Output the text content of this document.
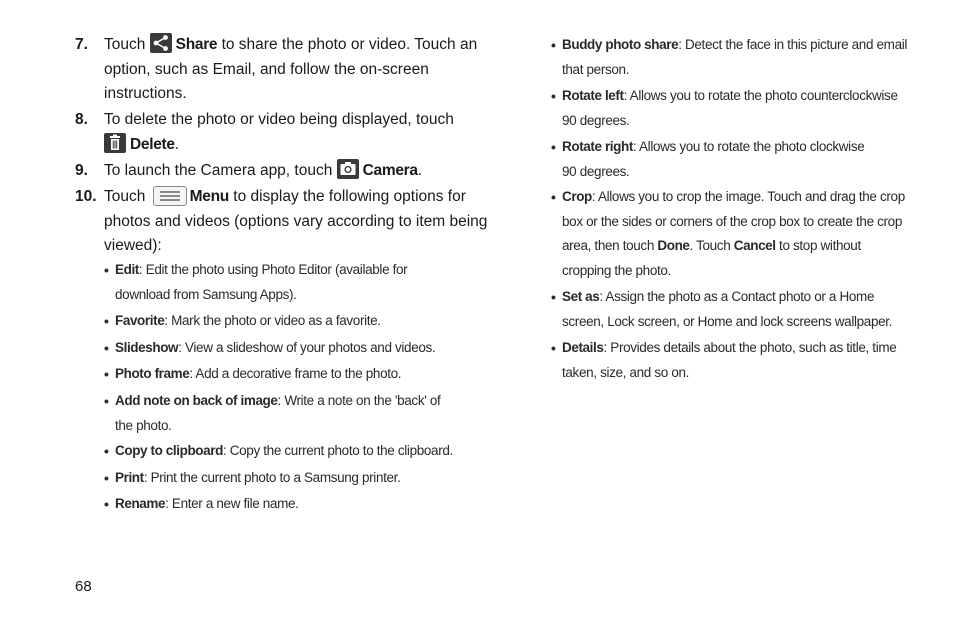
7.	Touch Share to share the photo or video. Touch an option, such as Email, and follow the on-screen instructions.
8.	To delete the photo or video being displayed, touch
Delete.
9.	To launch the Camera app, touch Camera.
10. Touch	Menu to display the following options for photos and videos (options vary according to item being viewed):
• Edit: Edit the photo using Photo Editor (available for download from Samsung Apps).
• Favorite: Mark the photo or video as a favorite.
• Slideshow: View a slideshow of your photos and videos.
• Photo frame: Add a decorative frame to the photo.
• Add note on back of image: Write a note on the 'back' of the photo.
• Copy to clipboard: Copy the current photo to the clipboard.
• Print: Print the current photo to a Samsung printer.
• Rename: Enter a new file name.
• Buddy photo share: Detect the face in this picture and email that person.
• Rotate left: Allows you to rotate the photo counterclockwise 90 degrees.
• Rotate right: Allows you to rotate the photo clockwise 90 degrees.
• Crop: Allows you to crop the image. Touch and drag the crop box or the sides or corners of the crop box to create the crop area, then touch Done. Touch Cancel to stop without cropping the photo.
• Set as: Assign the photo as a Contact photo or a Home screen, Lock screen, or Home and lock screens wallpaper.
• Details: Provides details about the photo, such as title, time taken, size, and so on.
68
